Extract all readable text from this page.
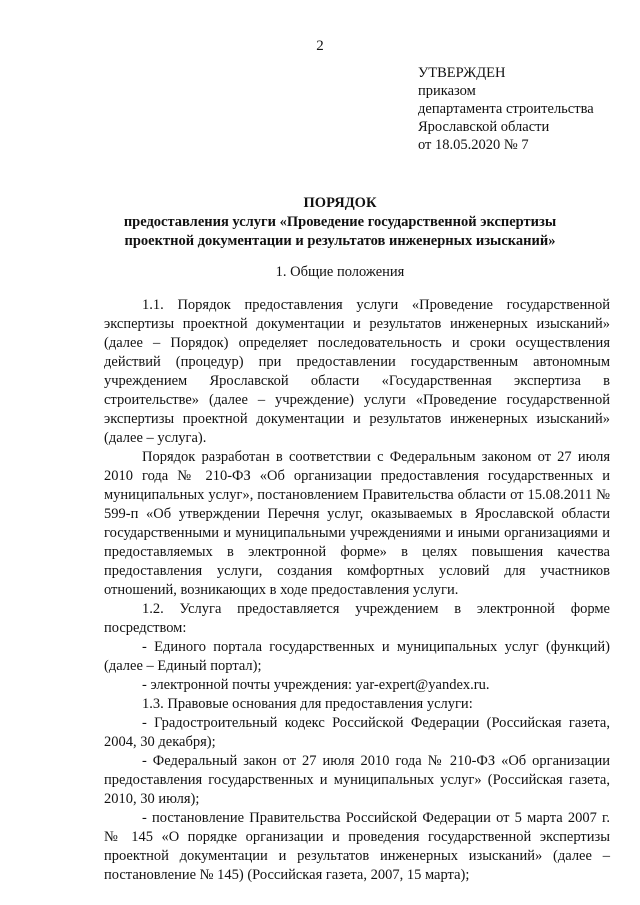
2
УТВЕРЖДЕН
приказом
департамента строительства
Ярославской области
от 18.05.2020 № 7
ПОРЯДОК
предоставления услуги «Проведение государственной экспертизы
проектной документации и результатов инженерных изысканий»
1. Общие положения

1.1. Порядок предоставления услуги «Проведение государственной экспертизы проектной документации и результатов инженерных изысканий» (далее – Порядок) определяет последовательность и сроки осуществления действий (процедур) при предоставлении государственным автономным учреждением Ярославской области «Государственная экспертиза в строительстве» (далее – учреждение) услуги «Проведение государственной экспертизы проектной документации и результатов инженерных изысканий» (далее – услуга).

Порядок разработан в соответствии с Федеральным законом от 27 июля 2010 года № 210-ФЗ «Об организации предоставления государственных и муниципальных услуг», постановлением Правительства области от 15.08.2011 № 599-п «Об утверждении Перечня услуг, оказываемых в Ярославской области государственными и муниципальными учреждениями и иными организациями и предоставляемых в электронной форме» в целях повышения качества предоставления услуги, создания комфортных условий для участников отношений, возникающих в ходе предоставления услуги.

1.2. Услуга предоставляется учреждением в электронной форме посредством:

- Единого портала государственных и муниципальных услуг (функций) (далее – Единый портал);

- электронной почты учреждения: yar-expert@yandex.ru.

1.3. Правовые основания для предоставления услуги:

- Градостроительный кодекс Российской Федерации (Российская газета, 2004, 30 декабря);

- Федеральный закон от 27 июля 2010 года № 210-ФЗ «Об организации предоставления государственных и муниципальных услуг» (Российская газета, 2010, 30 июля);

- постановление Правительства Российской Федерации от 5 марта 2007 г. № 145 «О порядке организации и проведения государственной экспертизы проектной документации и результатов инженерных изысканий» (далее – постановление № 145) (Российская газета, 2007, 15 марта);
